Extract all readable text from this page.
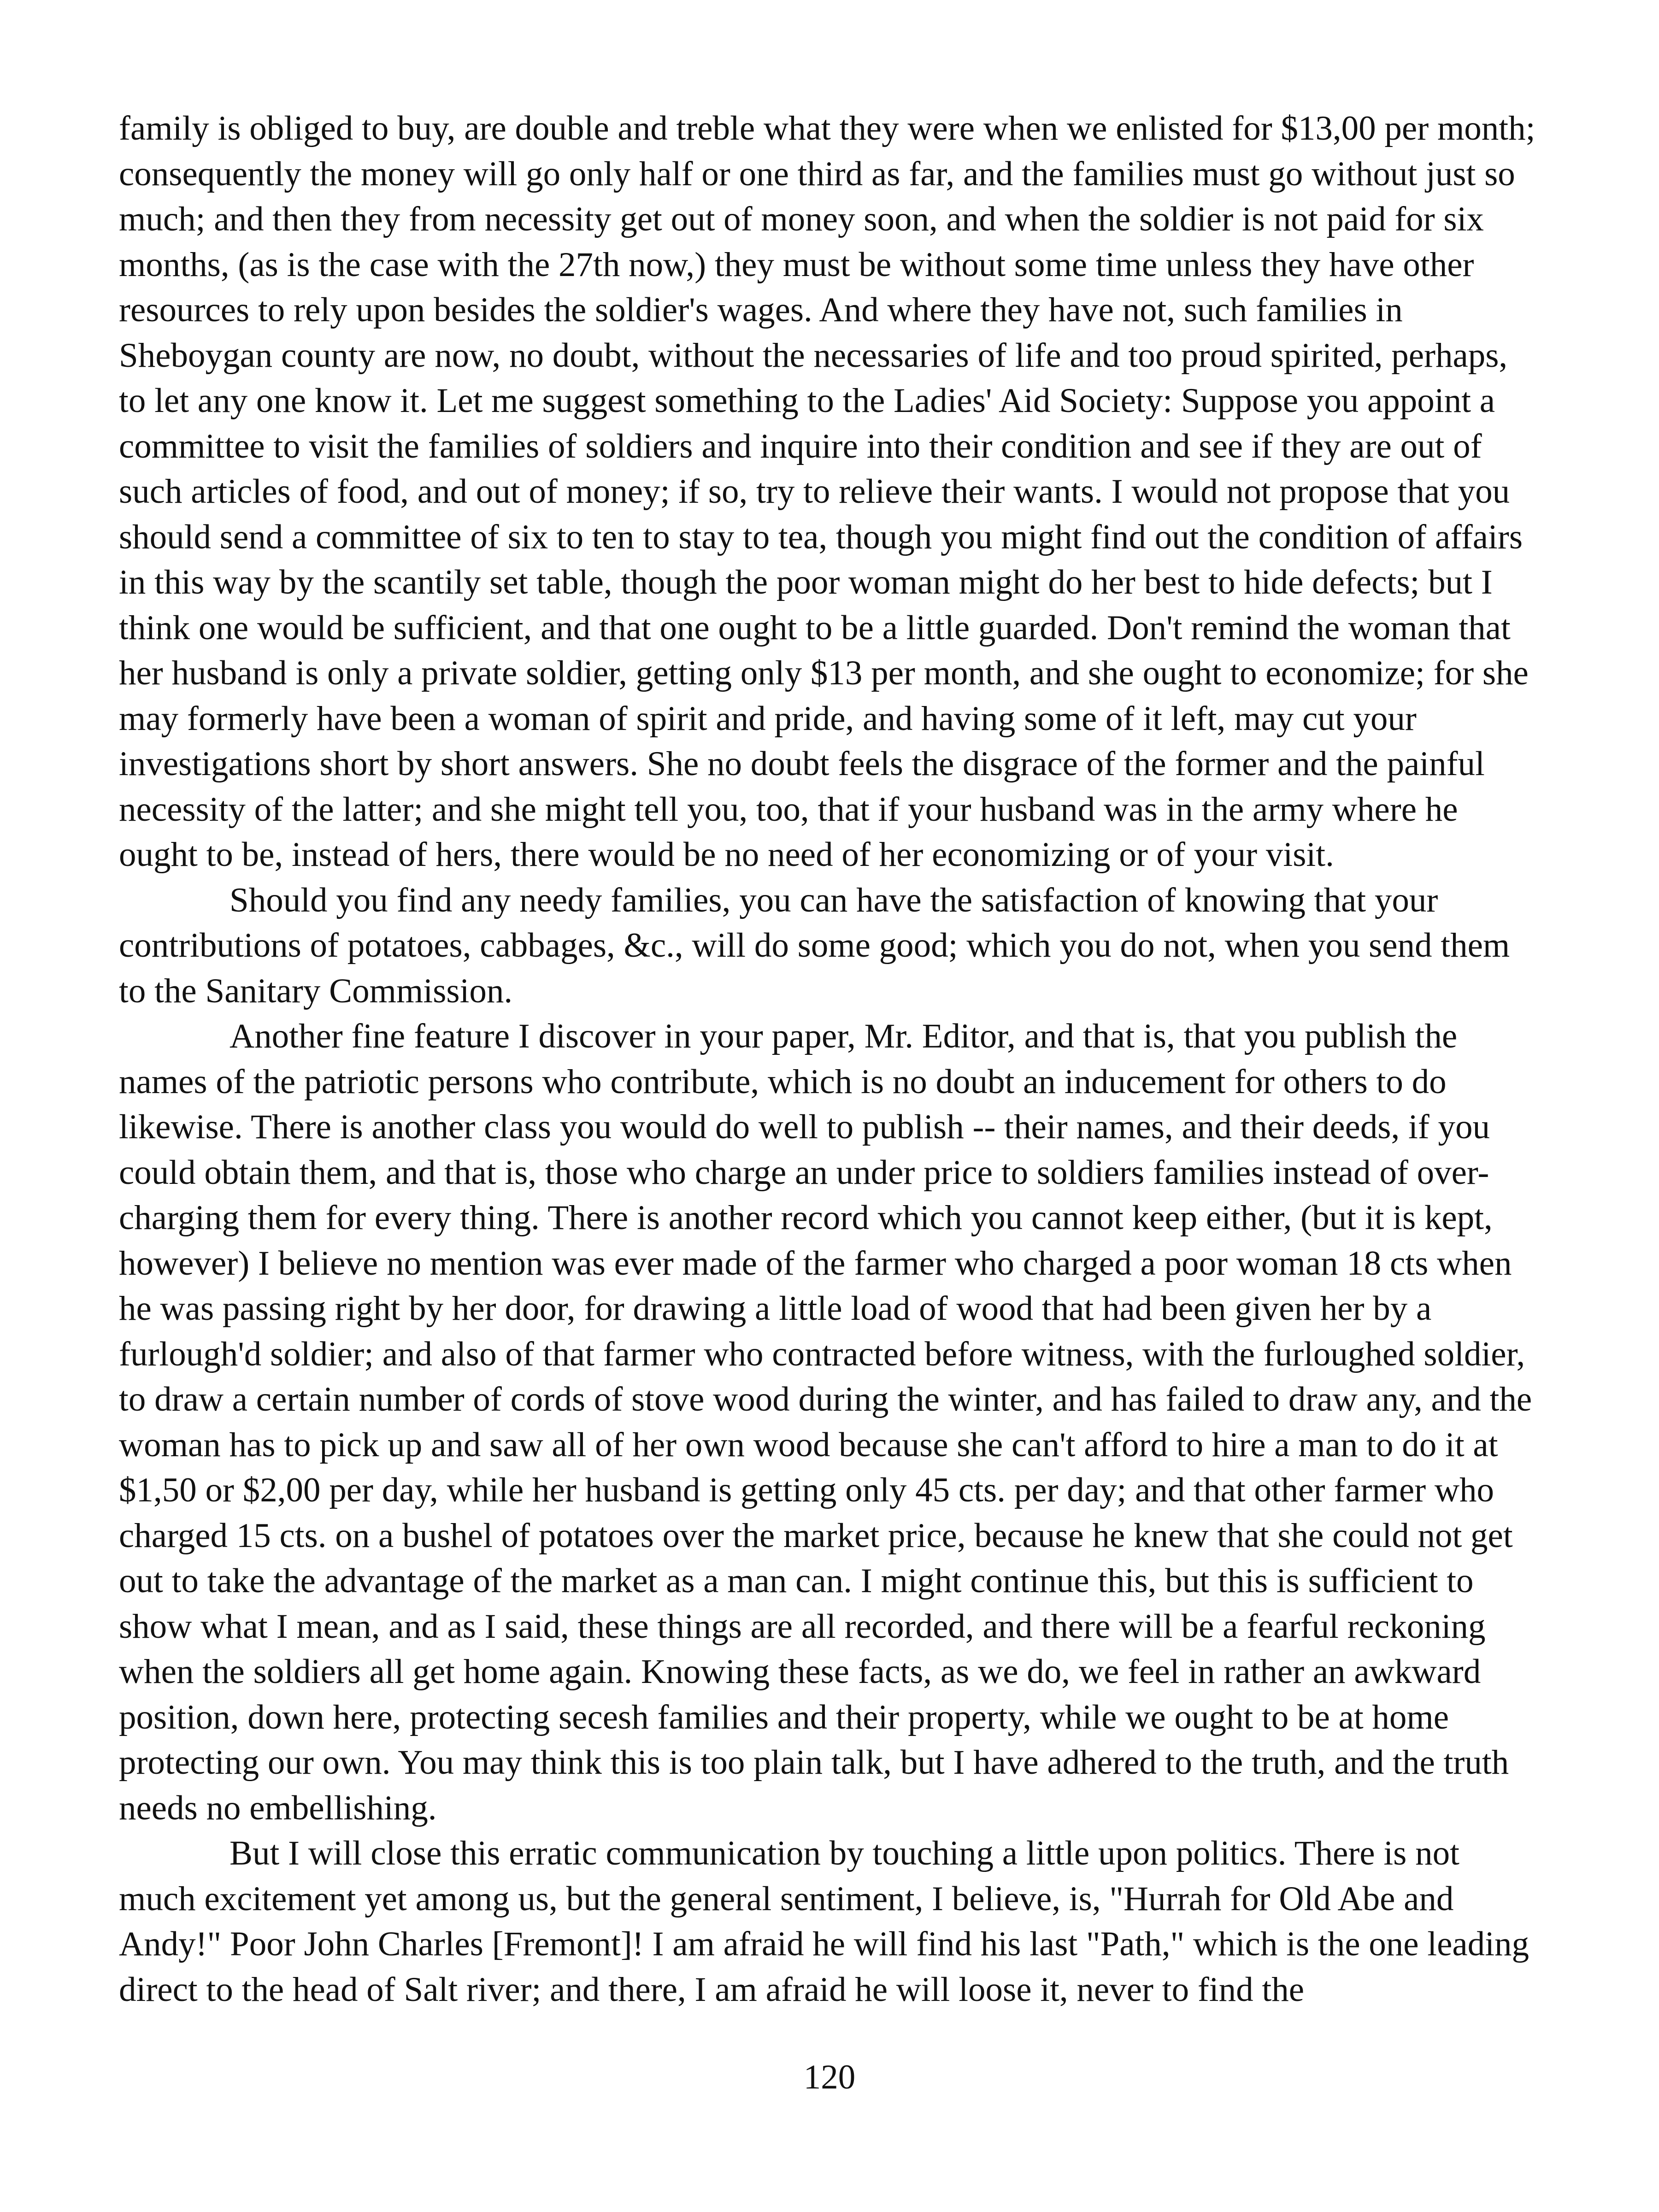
family is obliged to buy, are double and treble what they were when we enlisted for $13,00 per month; consequently the money will go only half or one third as far, and the families must go without just so much; and then they from necessity get out of money soon, and when the soldier is not paid for six months, (as is the case with the 27th now,) they must be without some time unless they have other resources to rely upon besides the soldier's wages. And where they have not, such families in Sheboygan county are now, no doubt, without the necessaries of life and too proud spirited, perhaps, to let any one know it. Let me suggest something to the Ladies' Aid Society: Suppose you appoint a committee to visit the families of soldiers and inquire into their condition and see if they are out of such articles of food, and out of money; if so, try to relieve their wants. I would not propose that you should send a committee of six to ten to stay to tea, though you might find out the condition of affairs in this way by the scantily set table, though the poor woman might do her best to hide defects; but I think one would be sufficient, and that one ought to be a little guarded. Don't remind the woman that her husband is only a private soldier, getting only $13 per month, and she ought to economize; for she may formerly have been a woman of spirit and pride, and having some of it left, may cut your investigations short by short answers. She no doubt feels the disgrace of the former and the painful necessity of the latter; and she might tell you, too, that if your husband was in the army where he ought to be, instead of hers, there would be no need of her economizing or of your visit.

Should you find any needy families, you can have the satisfaction of knowing that your contributions of potatoes, cabbages, &c., will do some good; which you do not, when you send them to the Sanitary Commission.

Another fine feature I discover in your paper, Mr. Editor, and that is, that you publish the names of the patriotic persons who contribute, which is no doubt an inducement for others to do likewise. There is another class you would do well to publish -- their names, and their deeds, if you could obtain them, and that is, those who charge an under price to soldiers families instead of over-charging them for every thing. There is another record which you cannot keep either, (but it is kept, however) I believe no mention was ever made of the farmer who charged a poor woman 18 cts when he was passing right by her door, for drawing a little load of wood that had been given her by a furlough'd soldier; and also of that farmer who contracted before witness, with the furloughed soldier, to draw a certain number of cords of stove wood during the winter, and has failed to draw any, and the woman has to pick up and saw all of her own wood because she can't afford to hire a man to do it at $1,50 or $2,00 per day, while her husband is getting only 45 cts. per day; and that other farmer who charged 15 cts. on a bushel of potatoes over the market price, because he knew that she could not get out to take the advantage of the market as a man can. I might continue this, but this is sufficient to show what I mean, and as I said, these things are all recorded, and there will be a fearful reckoning when the soldiers all get home again. Knowing these facts, as we do, we feel in rather an awkward position, down here, protecting secesh families and their property, while we ought to be at home protecting our own. You may think this is too plain talk, but I have adhered to the truth, and the truth needs no embellishing.

But I will close this erratic communication by touching a little upon politics. There is not much excitement yet among us, but the general sentiment, I believe, is, "Hurrah for Old Abe and Andy!" Poor John Charles [Fremont]! I am afraid he will find his last "Path," which is the one leading direct to the head of Salt river; and there, I am afraid he will loose it, never to find the

120
